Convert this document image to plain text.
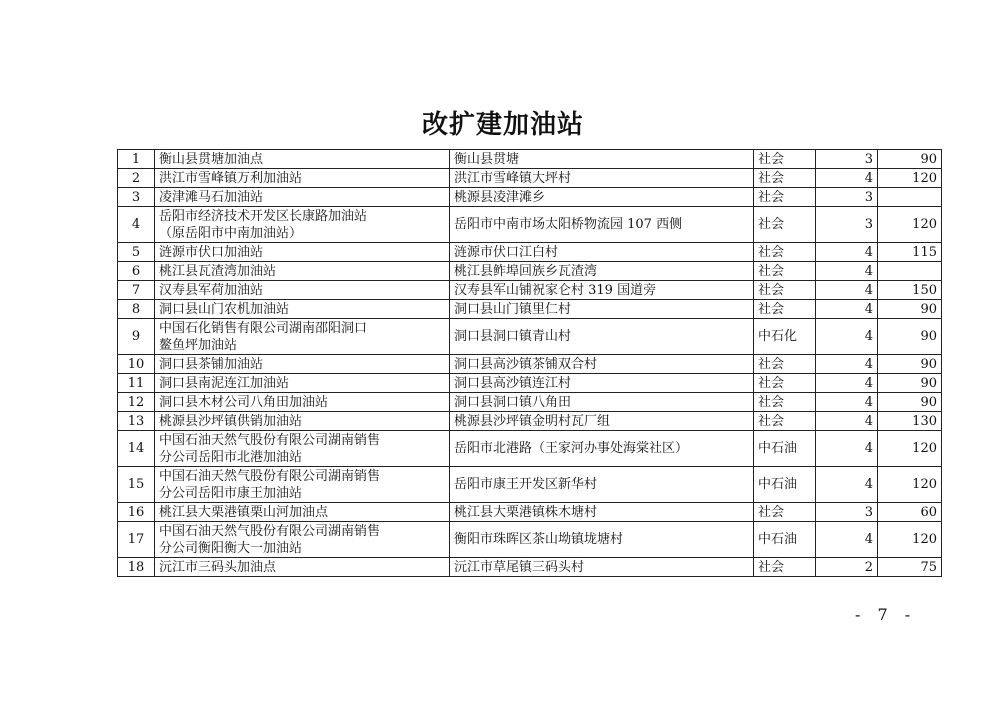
改扩建加油站
1	衡山县贯塘加油点	衡山县贯塘	社会	3	90
2	洪江市雪峰镇万利加油站	洪江市雪峰镇大坪村	社会	4	120
3	凌津滩马石加油站	桃源县凌津滩乡	社会	3	
4	岳阳市经济技术开发区长康路加油站
（原岳阳市中南加油站）	岳阳市中南市场太阳桥物流园 107 西侧	社会	3	120
5	涟源市伏口加油站	涟源市伏口江白村	社会	4	115
6	桃江县瓦渣湾加油站	桃江县鲊埠回族乡瓦渣湾	社会	4	
7	汉寿县军荷加油站	汉寿县军山铺祝家仑村 319 国道旁	社会	4	150
8	洞口县山门农机加油站	洞口县山门镇里仁村	社会	4	90
9	中国石化销售有限公司湖南邵阳洞口
鳌鱼坪加油站	洞口县洞口镇青山村	中石化	4	90
10	洞口县茶铺加油站	洞口县高沙镇茶铺双合村	社会	4	90
11	洞口县南泥连江加油站	洞口县高沙镇连江村	社会	4	90
12	洞口县木材公司八角田加油站	洞口县洞口镇八角田	社会	4	90
13	桃源县沙坪镇供销加油站	桃源县沙坪镇金明村瓦厂组	社会	4	130
14	中国石油天然气股份有限公司湖南销售
分公司岳阳市北港加油站	岳阳市北港路（王家河办事处海棠社区）	中石油	4	120
15	中国石油天然气股份有限公司湖南销售
分公司岳阳市康王加油站	岳阳市康王开发区新华村	中石油	4	120
16	桃江县大栗港镇栗山河加油点	桃江县大栗港镇株木塘村	社会	3	60
17	中国石油天然气股份有限公司湖南销售
分公司衡阳衡大一加油站	衡阳市珠晖区茶山坳镇垅塘村	中石油	4	120
18	沅江市三码头加油点	沅江市草尾镇三码头村	社会	2	75
- 7 -
